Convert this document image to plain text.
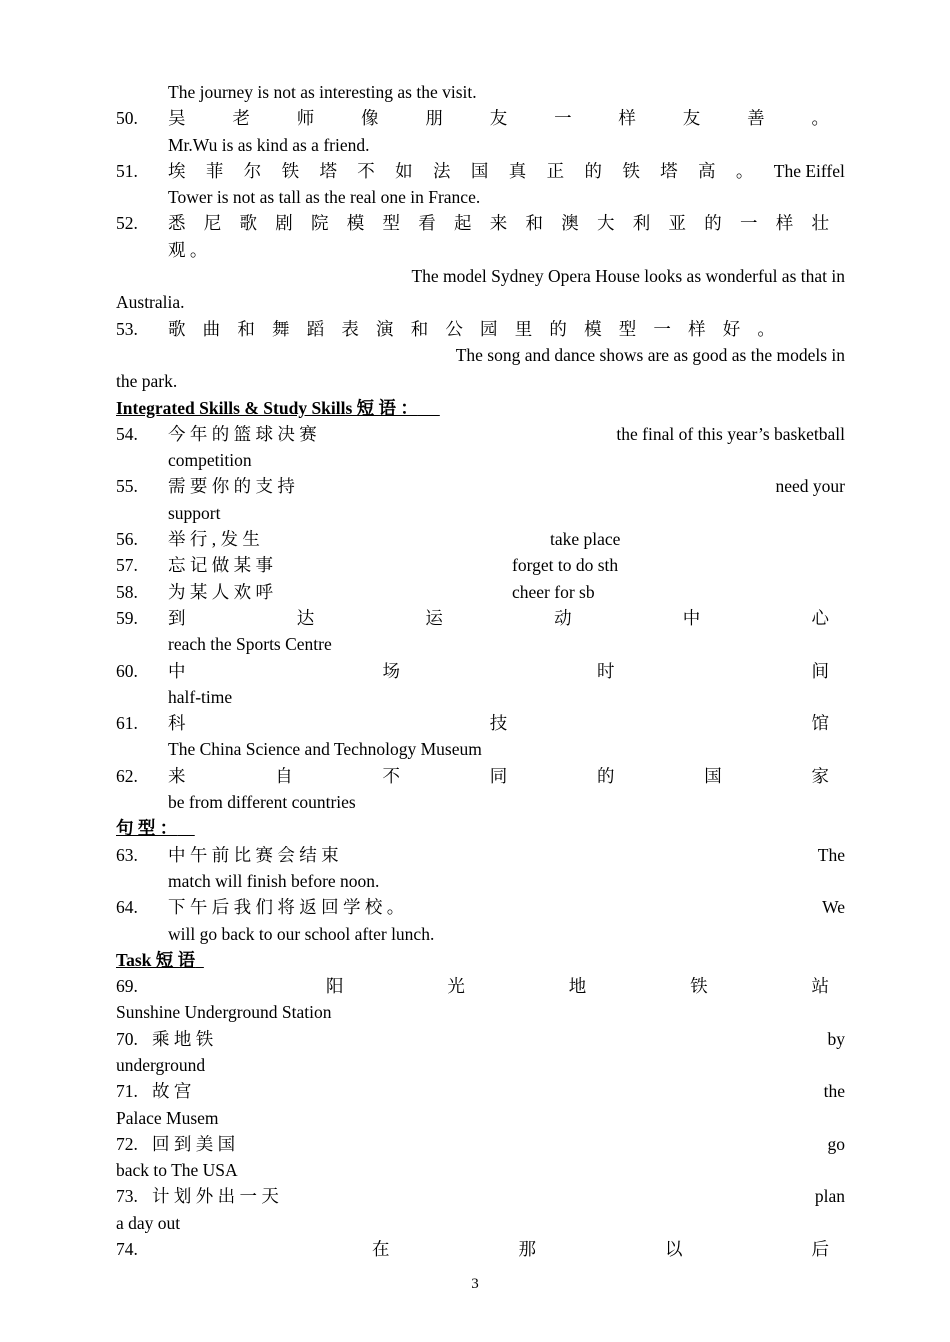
The journey is not as interesting as the visit.
50. 吴	老	师	像	朋	友	一	样	友	善	。
Mr.Wu is as kind as a friend.
51. 埃 菲 尔 铁 塔 不 如 法 国 真 正 的 铁 塔 高 。 The Eiffel
Tower is not as tall as the real one in France.
52. 悉 尼 歌 剧 院 模 型 看 起 来 和 澳 大 利 亚 的 一 样 壮
观 。
The model Sydney Opera House looks as wonderful as that in
Australia.
53. 歌 曲 和 舞 蹈 表 演 和 公 园 里 的 模 型 一 样 好 。
The song and dance shows are as good as the models in
the park.
Integrated Skills & Study Skills 短 语 ：
54. 今 年 的 篮 球 决 赛	the final of this year’s basketball
competition
55. 需 要 你 的 支 持	need your
support
56. 举 行 , 发 生	take place
57. 忘 记 做 某 事	forget to do sth
58. 为 某 人 欢 呼	cheer for sb
59. 到	达	运	动	中	心
reach the Sports Centre
60. 中	场	时	间
half-time
61. 科	技	馆
The China Science and Technology Museum
62. 来	自	不	同	的	国	家
be from different countries
句 型 ：
63. 中 午 前 比 赛 会 结 束	The
match will finish before noon.
64. 下 午 后 我 们 将 返 回 学 校 。	We
will go back to our school after lunch.
Task 短 语
69.	阳	光	地	铁	站
Sunshine Underground Station
70. 乘 地 铁	by
underground
71. 故 宫	the
Palace Musem
72. 回 到 美 国	go
back to The USA
73. 计 划 外 出 一 天	plan
a day out
74.	在	那	以	后
3
